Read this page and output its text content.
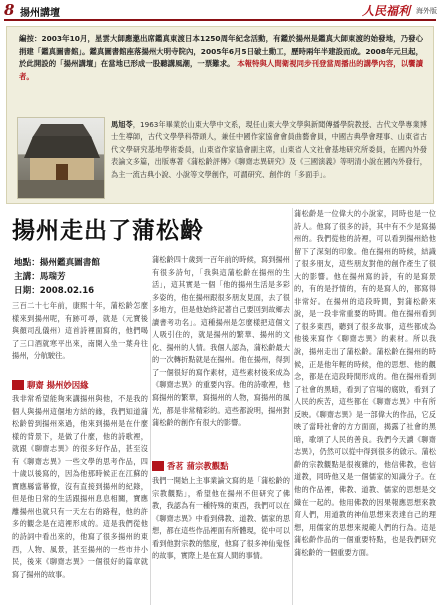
8 揚州講壇	人民福利 海外版
編按：2003年10月，星雲大師應邀出席鑑真東渡日本1250周年紀念活動，有鑑於揚州是鑑真大師東渡的始發地，乃發心捐建「鑑真圖書館」。鑑真圖書館座落揚州大明寺院內，2005年6月5日破土動工，歷時兩年半建設而成。2008年元旦起，於此開設的「揚州講壇」在當地已形成一股聽講風潮，一票難求。 本報特與人間衛視同步刊登當周播出的講學內容，以饗讀者。
馬旭苓，1963年畢業於山東大學中文系，現任山東大學文學與新聞傳播學院教授、古代文學專業博士生導師，古代文學學科帶頭人，兼任中國作家協會會員曲藝會員，中國古典學會理事、山東省古代文學研究基地學術委員，山東省作家協會副主席，山東省人文社會基地研究所委員，在國內外發表論文多篇，出版專著《蒲松齡評傳》《聊齋志異研究》及《三國演義》等明清小說在國內外發行，為主一流古典小說、小說等文學創作，可謂研究、創作的「多面手」。
揚州走出了蒲松齡
地點：揚州鑑真圖書館
主講：馬瑞芳
日期：2008.02.16
三百二十七年前，康熙十年，蒲松齡怎麼樣來到揚州呢，有跡可尋，就是（元寶後與顏司乱儀州）這首詩裡面寫的，他們喝了三口酒就寒平出來，南開入坐一葉舟往揚州，分航駛往。
聊齋 揚州妙因緣
我非常希望能夠來講揚州與他，不是我的個人與揚州這個地方結的緣，我們知道蒲松齡曾到揚州來過，他來到揚州是在什麼樣的背景下，是做了什麼，他的詩歌裡，就跟《聊齋志異》的很多好作品，甚至沒有《聊齋志異》一些文學的思考作品，四十歲以後寫的，因為他那時候正在江蘇的寶應縣當幕僚，沒有直接到揚州的紀錄，但是他日常的生活跟揚州息息相關，寶應離揚州也就只有一天左右的路程，他的許多的觀念是在這裡形成的。這是我們從他的詩詞中看出來的，他寫了很多揚州的東西，人物、風景，甚至揚州的一些市井小民，後來《聊齋志異》一個很好的篇章就寫了揚州的故事。
蒲松齡四十歲到一百年前的時候，寫到揚州有很多詩句，「我與這蒲松齡在揚州的生活」，這其實是一個「他的揚州生活是多彩多姿的，他在揚州跟很多朋友見面，去了很多地方，但是他始終記著自己要回到故鄉去讀書考功名」。這種揚州是怎麼樣把這個文人吸引住的，就是揚州的繁華、揚州的文化、揚州的人情。我個人認為，蒲松齡最大的一次轉折點就是在揚州。他在揚州，得到了一個很好的寫作素材，這些素材後來成為《聊齋志異》的重要內容。他的詩歌裡，他寫揚州的繁華，寫揚州的人物，寫揚州的風光，都是非常精彩的。這些都說明，揚州對蒲松齡的創作有很大的影響。
香茗 蒲宗教觀點
我們一開始上主事業論文寫的是「蒲松齡的宗教觀點」，希望他在揚州不但研究了佛教，我認為有一種特殊的東西，我們可以在《聊齋志異》中看到佛教、道教、儒家的思想，都在這些作品裡面有所體現，從中可以看到他對宗教的態度，他寫了很多神仙鬼怪的故事，實際上是在寫人間的事情。
蒲松齡是一位偉大的小說家，同時也是一位詩人。他寫了很多的詩，其中有不少是寫揚州的。我們從他的詩裡，可以看到揚州給他留下了深刻的印象。他在揚州的時候，結識了很多朋友，這些朋友對他的創作產生了很大的影響。他在揚州寫的詩，有的是寫景的，有的是抒情的，有的是寫人的，都寫得非常好。在揚州的這段時間，對蒲松齡來說，是一段非常重要的時間。他在揚州看到了很多東西，聽到了很多故事，這些都成為他後來寫作《聊齋志異》的素材。所以我說，揚州走出了蒲松齡。蒲松齡在揚州的時候，正是他年輕的時候，他的思想、他的觀念，都是在這段時間形成的。他在揚州看到了社會的黑暗，看到了官場的腐敗，看到了人民的疾苦，這些都在《聊齋志異》中有所反映。《聊齋志異》是一部偉大的作品，它反映了當時社會的方方面面，揭露了社會的黑暗，歌頌了人民的善良。我們今天讀《聊齋志異》，仍然可以從中得到很多的啟示。蒲松齡的宗教觀點是很複雜的，他信佛教，也信道教，同時他又是一個儒家的知識分子。在他的作品裡，佛教、道教、儒家的思想是交織在一起的。他用佛教的因果報應思想來教育人們，用道教的神仙思想來表達自己的理想，用儒家的思想來規範人們的行為。這是蒲松齡作品的一個重要特點，也是我們研究蒲松齡的一個重要方面。
